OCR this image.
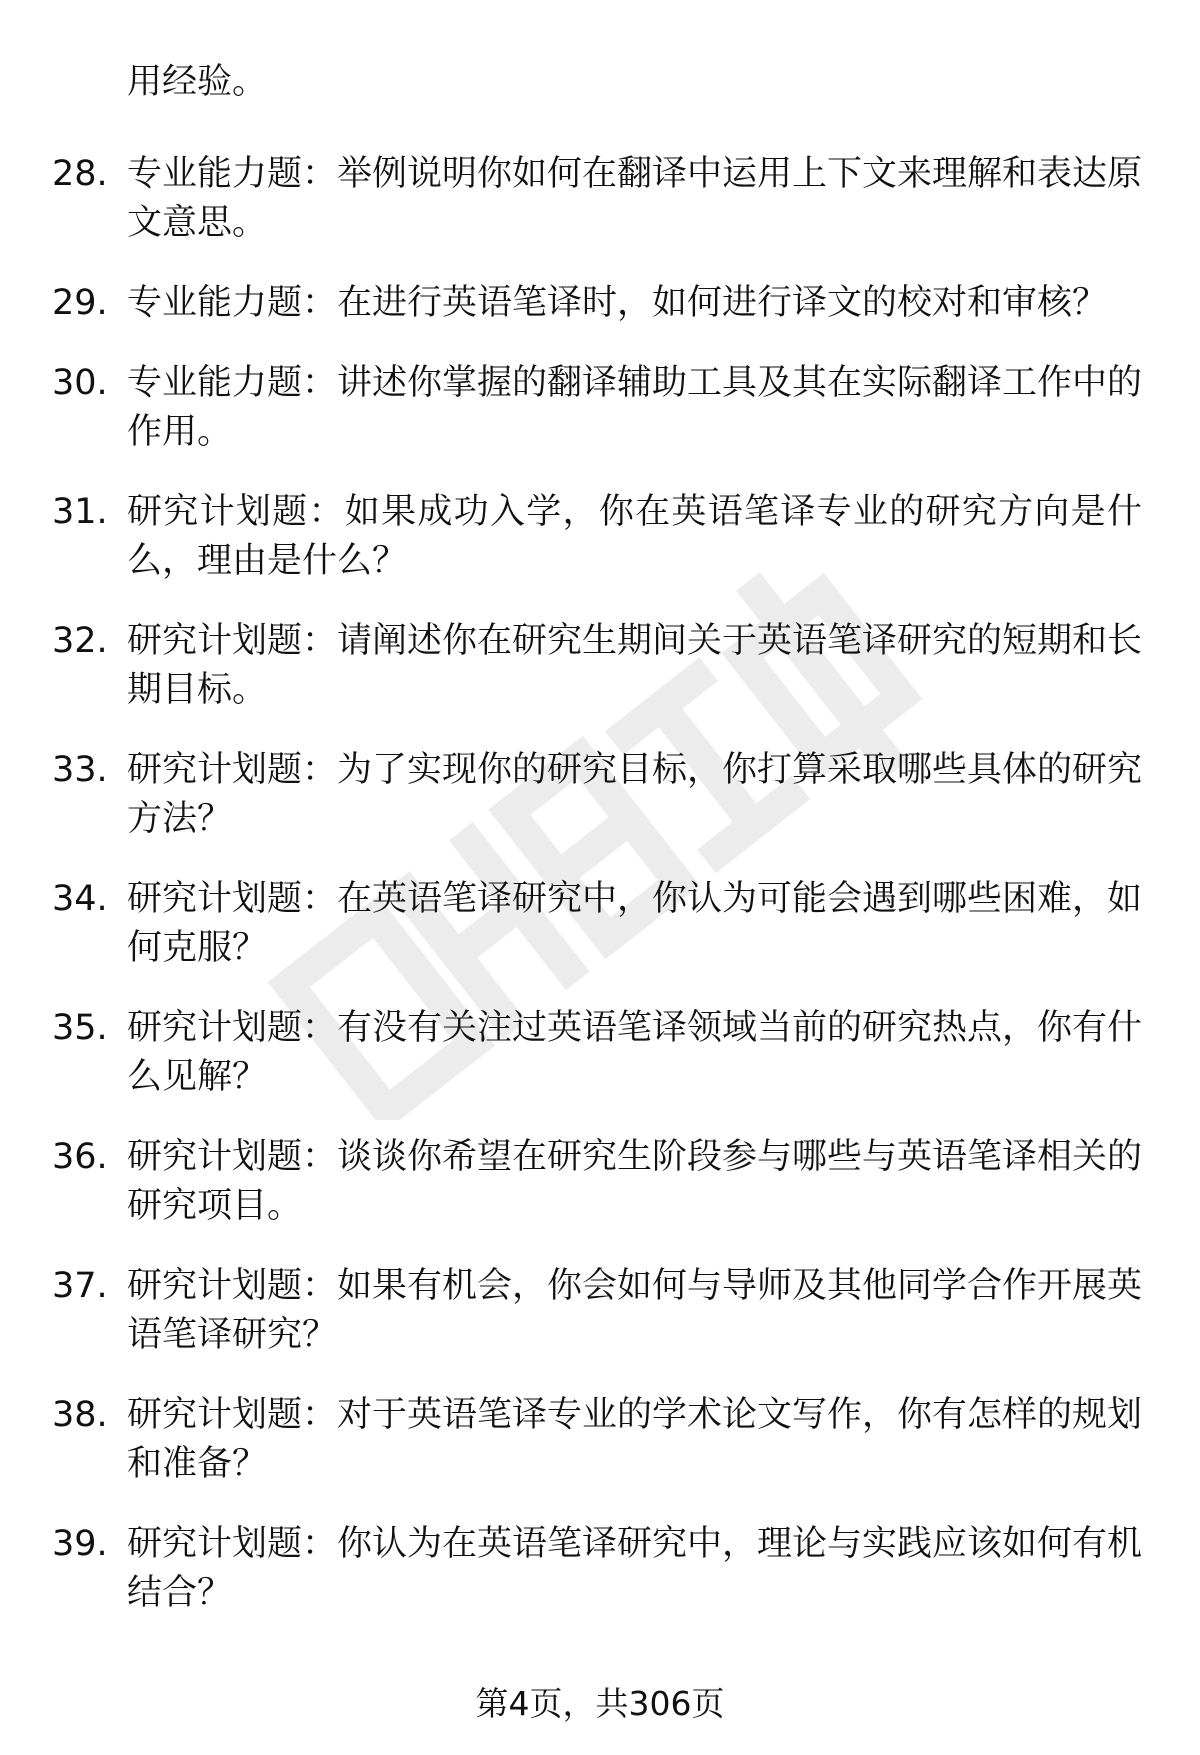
用经验。

28. 专业能力题：举例说明你如何在翻译中运用上下文来理解和表达原文意思。
29. 专业能力题：在进行英语笔译时，如何进行译文的校对和审核？
30. 专业能力题：讲述你掌握的翻译辅助工具及其在实际翻译工作中的作用。
31. 研究计划题：如果成功入学，你在英语笔译专业的研究方向是什么，理由是什么？
32. 研究计划题：请阐述你在研究生期间关于英语笔译研究的短期和长期目标。
33. 研究计划题：为了实现你的研究目标，你打算采取哪些具体的研究方法？
34. 研究计划题：在英语笔译研究中，你认为可能会遇到哪些困难，如何克服？
35. 研究计划题：有没有关注过英语笔译领域当前的研究热点，你有什么见解？
36. 研究计划题：谈谈你希望在研究生阶段参与哪些与英语笔译相关的研究项目。
37. 研究计划题：如果有机会，你会如何与导师及其他同学合作开展英语笔译研究？
38. 研究计划题：对于英语笔译专业的学术论文写作，你有怎样的规划和准备？
39. 研究计划题：你认为在英语笔译研究中，理论与实践应该如何有机结合？
第4页，共306页
